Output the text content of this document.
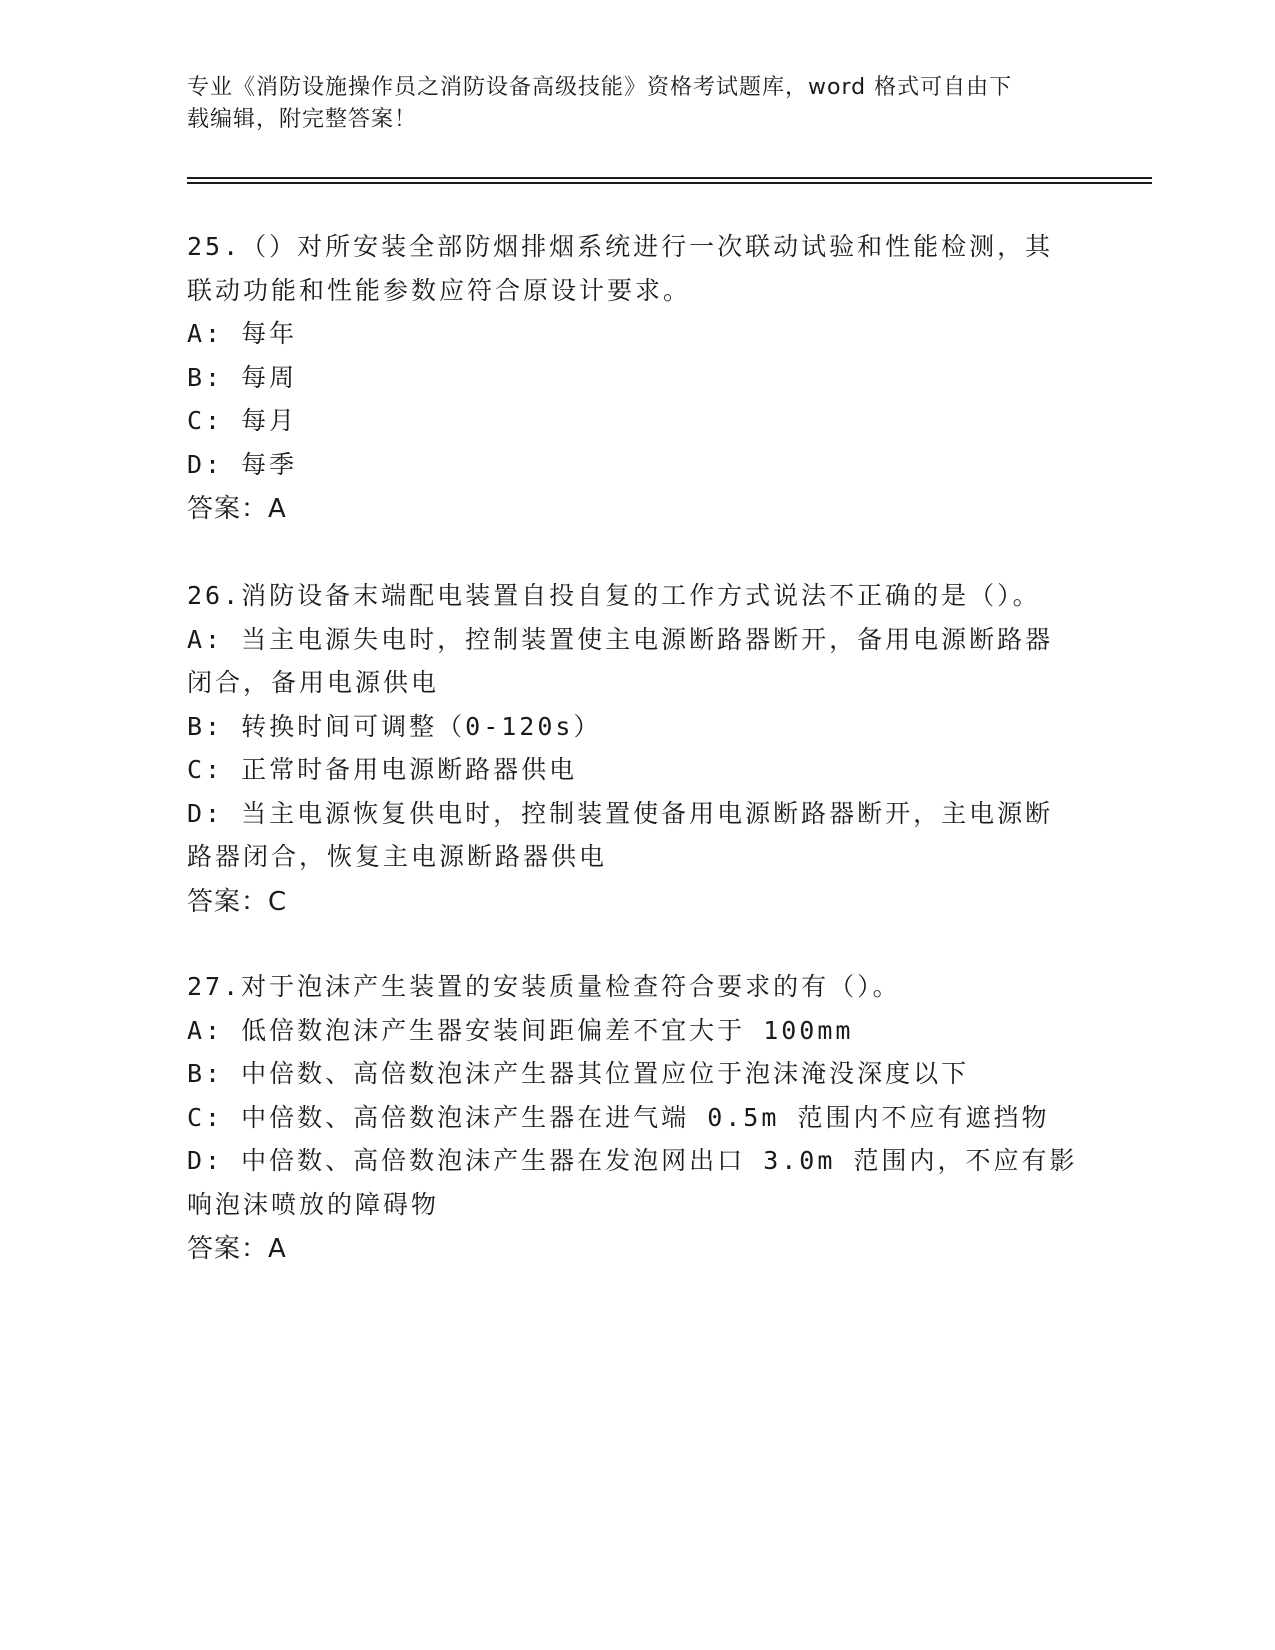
专业《消防设施操作员之消防设备高级技能》资格考试题库，word 格式可自由下
载编辑，附完整答案！
25.（）对所安装全部防烟排烟系统进行一次联动试验和性能检测，其
联动功能和性能参数应符合原设计要求。
A: 每年
B: 每周
C: 每月
D: 每季
答案：A
26.消防设备末端配电装置自投自复的工作方式说法不正确的是（）。
A: 当主电源失电时，控制装置使主电源断路器断开，备用电源断路器
闭合，备用电源供电
B: 转换时间可调整（0-120s）
C: 正常时备用电源断路器供电
D: 当主电源恢复供电时，控制装置使备用电源断路器断开，主电源断
路器闭合，恢复主电源断路器供电
答案：C
27.对于泡沫产生装置的安装质量检查符合要求的有（）。
A: 低倍数泡沫产生器安装间距偏差不宜大于 100mm
B: 中倍数、高倍数泡沫产生器其位置应位于泡沫淹没深度以下
C: 中倍数、高倍数泡沫产生器在进气端 0.5m 范围内不应有遮挡物
D: 中倍数、高倍数泡沫产生器在发泡网出口 3.0m 范围内，不应有影
响泡沫喷放的障碍物
答案：A
